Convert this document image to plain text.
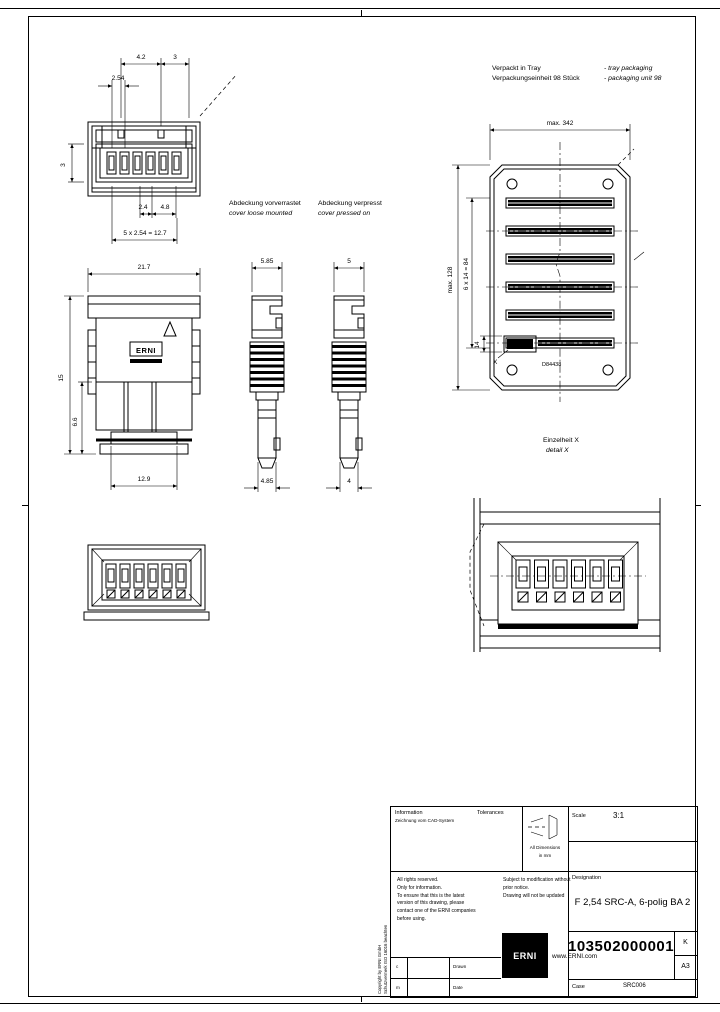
4.2	3
2.54
3
2.4 4.8
5 x 2.54 = 12.7
Abdeckung vorverrastet
cover loose mounted
Abdeckung verpresst
cover pressed on
Verpackt in Tray	- tray packaging
Verpackungseinheit 98 Stück	- packaging unit 98
ERNI
21.7
15
6.6
12.9
5.85
4.85
5
4
max. 342
max. 128 6 x 14 = 84
14
X	D84438
Einzelheit X
detail X
Information
Zeichnung vom CAD-System
Tolerances
All Dimensions
in mm
Scale	3:1
All rights reserved.
Only for information.
To ensure that this is the latest
version of this drawing, please
contact one of the ERNI companies
before using.
Subject to modification without
prior notice.
Drawing will not be updated
Designation
F 2,54 SRC-A, 6-polig BA 2
ERNI www.ERNI.com
103502000001	K
A3
c	Drawn
m	Date	Case	SRC006
Copyright by ERNI GmbH Schutzvermerk ISO 16016 beachten
